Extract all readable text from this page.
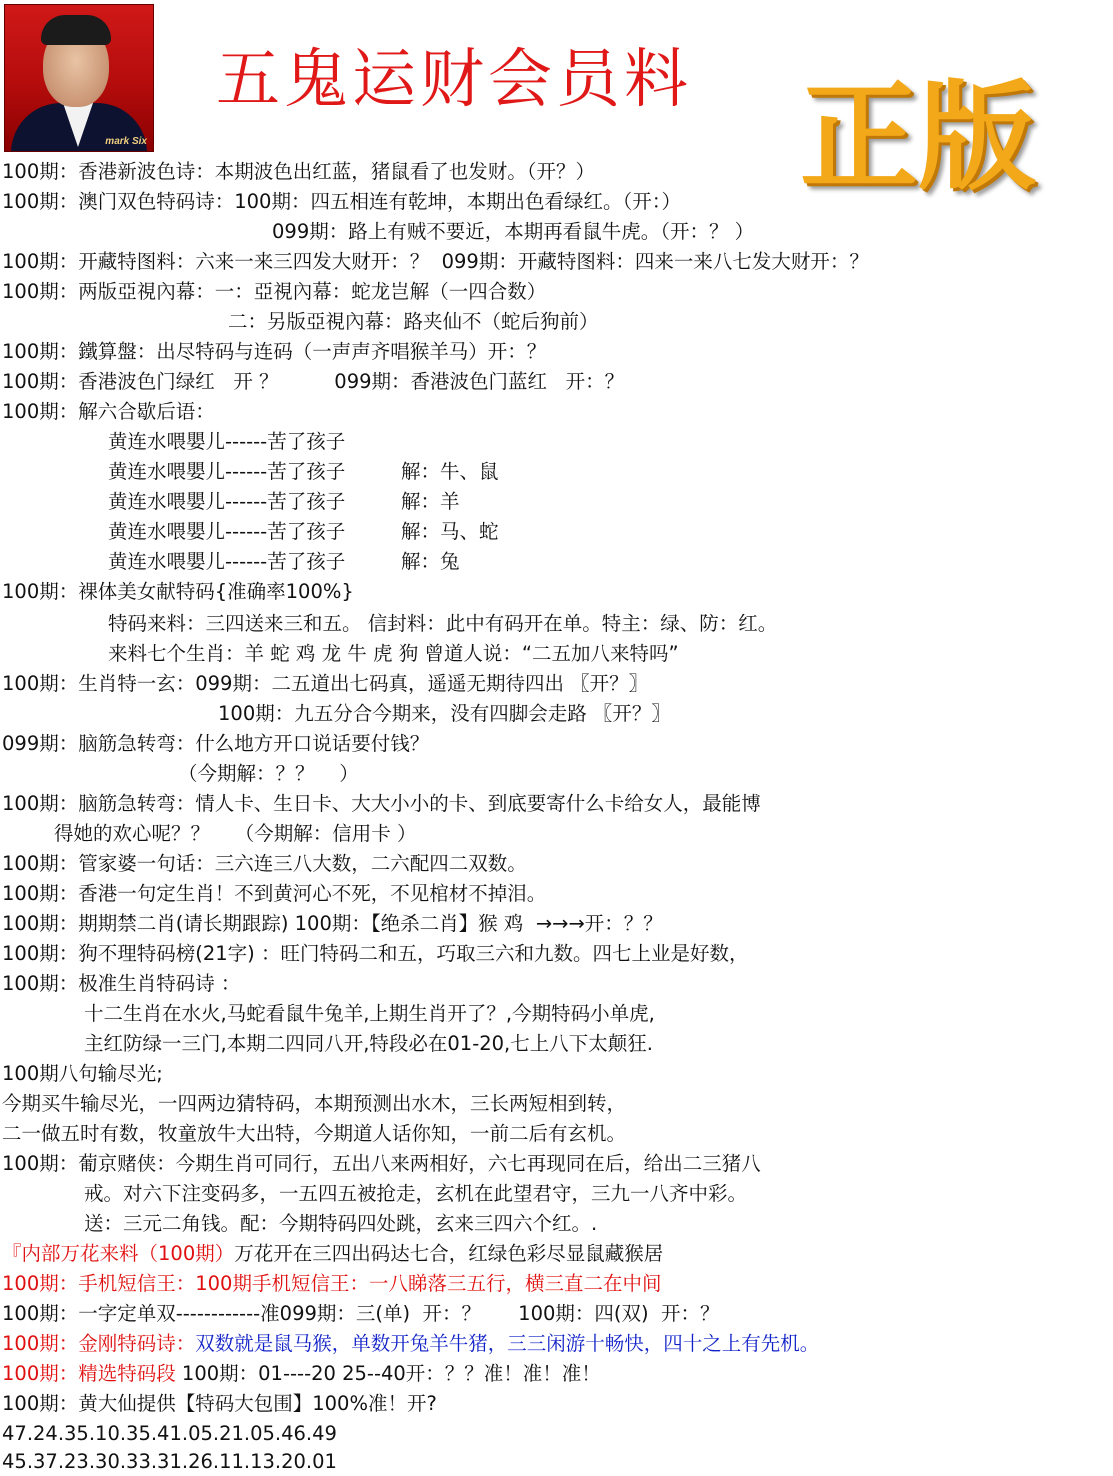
mark Six
五鬼运财会员料 正版
100期：香港新波色诗：本期波色出红蓝，猪鼠看了也发财。（开？）
100期：澳门双色特码诗：100期：四五相连有乾坤，本期出色看绿红。（开：）
099期：路上有贼不要近，本期再看鼠牛虎。（开：？ ）
100期：开藏特图料：六来一来三四发大财开：？  099期：开藏特图料：四来一来八七发大财开：？
100期：两版亞視內幕：一：亞視內幕：蛇龙岂解（一四合数）
二：另版亞視內幕：路夹仙不（蛇后狗前）
100期：鐵算盤：出尽特码与连码（一声声齐唱猴羊马）开：？
100期：香港波色门绿红   开 ？         099期：香港波色门蓝红   开：？
100期：解六合歇后语：
黄连水喂嬰儿------苦了孩子
黄连水喂嬰儿------苦了孩子         解：牛、鼠
黄连水喂嬰儿------苦了孩子         解：羊
黄连水喂嬰儿------苦了孩子         解：马、蛇
黄连水喂嬰儿------苦了孩子         解：兔
100期：裸体美女献特码{准确率100%}
特码来料：三四送来三和五。 信封料：此中有码开在单。特主：绿、防：红。
来料七个生肖：羊 蛇 鸡 龙 牛 虎 狗 曾道人说：“二五加八来特吗”
100期：生肖特一玄：099期：二五道出七码真，遥遥无期待四出 〖开？〗
100期：九五分合今期来，没有四脚会走路 〖开？〗
099期：脑筋急转弯：什么地方开口说话要付钱？
（今期解：？？    ）
100期：脑筋急转弯：情人卡、生日卡、大大小小的卡、到底要寄什么卡给女人，最能博
得她的欢心呢？？    （今期解：信用卡 ）
100期：管家婆一句话：三六连三八大数，二六配四二双数。
100期：香港一句定生肖！不到黄河心不死，不见棺材不掉泪。
100期：期期禁二肖(请长期跟踪) 100期：【绝杀二肖】猴 鸡  →→→开：？？
100期：狗不理特码榜(21字) ：旺门特码二和五，巧取三六和九数。四七上业是好数，
100期：极准生肖特码诗 ：
十二生肖在水火,马蛇看鼠牛兔羊,上期生肖开了？,今期特码小单虎,
主红防绿一三门,本期二四同八开,特段必在01-20,七上八下太颠狂.
100期八句输尽光;
今期买牛输尽光，一四两边猜特码，本期预测出水木，三长两短相到转，
二一做五时有数，牧童放牛大出特，今期道人话你知，一前二后有玄机。
100期：葡京赌侠：今期生肖可同行，五出八来两相好，六七再现同在后，给出二三猪八
戒。对六下注变码多，一五四五被抢走，玄机在此望君守，三九一八齐中彩。
送：三元二角钱。配：今期特码四处跳，玄来三四六个红。.
『内部万花来料（100期）万花开在三四出码达七合，红绿色彩尽显鼠藏猴居
100期：手机短信王：100期手机短信王：一八睇落三五行，横三直二在中间
100期：一字定单双------------准099期：三(单)  开：？      100期：四(双)  开：？
100期：金刚特码诗：双数就是鼠马猴，单数开兔羊牛猪，三三闲游十畅快，四十之上有先机。
100期：精选特码段 100期：01----20 25--40开：？？准！准！准！
100期：黄大仙提供【特码大包围】100%准！开?
47.24.35.10.35.41.05.21.05.46.49
45.37.23.30.33.31.26.11.13.20.01
